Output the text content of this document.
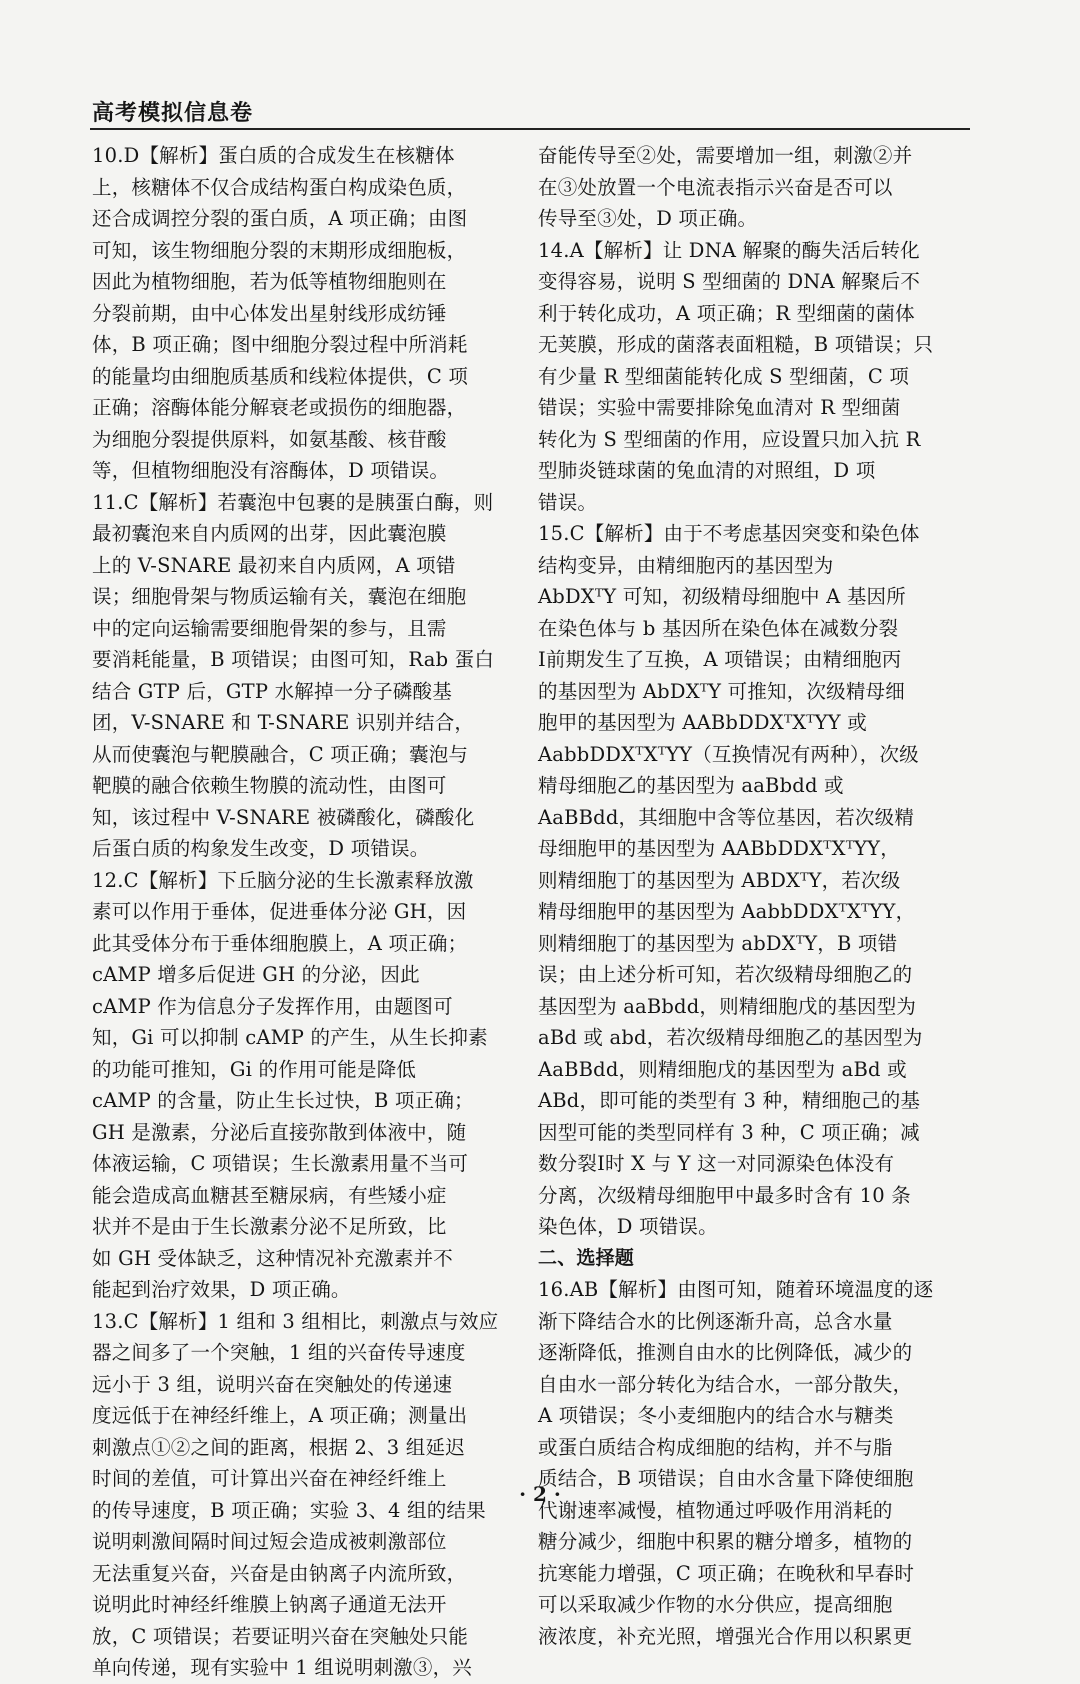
高考模拟信息卷
10.D【解析】蛋白质的合成发生在核糖体
上，核糖体不仅合成结构蛋白构成染色质，
还合成调控分裂的蛋白质，A 项正确；由图
可知，该生物细胞分裂的末期形成细胞板，
因此为植物细胞，若为低等植物细胞则在
分裂前期，由中心体发出星射线形成纺锤
体，B 项正确；图中细胞分裂过程中所消耗
的能量均由细胞质基质和线粒体提供，C 项
正确；溶酶体能分解衰老或损伤的细胞器，
为细胞分裂提供原料，如氨基酸、核苷酸
等，但植物细胞没有溶酶体，D 项错误。
11.C【解析】若囊泡中包裹的是胰蛋白酶，则
最初囊泡来自内质网的出芽，因此囊泡膜
上的 V-SNARE 最初来自内质网，A 项错
误；细胞骨架与物质运输有关，囊泡在细胞
中的定向运输需要细胞骨架的参与，且需
要消耗能量，B 项错误；由图可知，Rab 蛋白
结合 GTP 后，GTP 水解掉一分子磷酸基
团，V-SNARE 和 T-SNARE 识别并结合，
从而使囊泡与靶膜融合，C 项正确；囊泡与
靶膜的融合依赖生物膜的流动性，由图可
知，该过程中 V-SNARE 被磷酸化，磷酸化
后蛋白质的构象发生改变，D 项错误。
12.C【解析】下丘脑分泌的生长激素释放激
素可以作用于垂体，促进垂体分泌 GH，因
此其受体分布于垂体细胞膜上，A 项正确；
cAMP 增多后促进 GH 的分泌，因此
cAMP 作为信息分子发挥作用，由题图可
知，Gi 可以抑制 cAMP 的产生，从生长抑素
的功能可推知，Gi 的作用可能是降低
cAMP 的含量，防止生长过快，B 项正确；
GH 是激素，分泌后直接弥散到体液中，随
体液运输，C 项错误；生长激素用量不当可
能会造成高血糖甚至糖尿病，有些矮小症
状并不是由于生长激素分泌不足所致，比
如 GH 受体缺乏，这种情况补充激素并不
能起到治疗效果，D 项正确。
13.C【解析】1 组和 3 组相比，刺激点与效应
器之间多了一个突触，1 组的兴奋传导速度
远小于 3 组，说明兴奋在突触处的传递速
度远低于在神经纤维上，A 项正确；测量出
刺激点①②之间的距离，根据 2、3 组延迟
时间的差值，可计算出兴奋在神经纤维上
的传导速度，B 项正确；实验 3、4 组的结果
说明刺激间隔时间过短会造成被刺激部位
无法重复兴奋，兴奋是由钠离子内流所致，
说明此时神经纤维膜上钠离子通道无法开
放，C 项错误；若要证明兴奋在突触处只能
单向传递，现有实验中 1 组说明刺激③，兴
奋能传导至②处，需要增加一组，刺激②并
在③处放置一个电流表指示兴奋是否可以
传导至③处，D 项正确。
14.A【解析】让 DNA 解聚的酶失活后转化
变得容易，说明 S 型细菌的 DNA 解聚后不
利于转化成功，A 项正确；R 型细菌的菌体
无荚膜，形成的菌落表面粗糙，B 项错误；只
有少量 R 型细菌能转化成 S 型细菌，C 项
错误；实验中需要排除兔血清对 R 型细菌
转化为 S 型细菌的作用，应设置只加入抗 R
型肺炎链球菌的兔血清的对照组，D 项
错误。
15.C【解析】由于不考虑基因突变和染色体
结构变异，由精细胞丙的基因型为
AbDXᵀY 可知，初级精母细胞中 A 基因所
在染色体与 b 基因所在染色体在减数分裂
Ⅰ前期发生了互换，A 项错误；由精细胞丙
的基因型为 AbDXᵀY 可推知，次级精母细
胞甲的基因型为 AABbDDXᵀXᵀYY 或
AabbDDXᵀXᵀYY（互换情况有两种），次级
精母细胞乙的基因型为 aaBbdd 或
AaBBdd，其细胞中含等位基因，若次级精
母细胞甲的基因型为 AABbDDXᵀXᵀYY，
则精细胞丁的基因型为 ABDXᵀY，若次级
精母细胞甲的基因型为 AabbDDXᵀXᵀYY，
则精细胞丁的基因型为 abDXᵀY，B 项错
误；由上述分析可知，若次级精母细胞乙的
基因型为 aaBbdd，则精细胞戊的基因型为
aBd 或 abd，若次级精母细胞乙的基因型为
AaBBdd，则精细胞戊的基因型为 aBd 或
ABd，即可能的类型有 3 种，精细胞己的基
因型可能的类型同样有 3 种，C 项正确；减
数分裂Ⅰ时 X 与 Y 这一对同源染色体没有
分离，次级精母细胞甲中最多时含有 10 条
染色体，D 项错误。
二、选择题
16.AB【解析】由图可知，随着环境温度的逐
渐下降结合水的比例逐渐升高，总含水量
逐渐降低，推测自由水的比例降低，减少的
自由水一部分转化为结合水，一部分散失，
A 项错误；冬小麦细胞内的结合水与糖类
或蛋白质结合构成细胞的结构，并不与脂
质结合，B 项错误；自由水含量下降使细胞
代谢速率减慢，植物通过呼吸作用消耗的
糖分减少，细胞中积累的糖分增多，植物的
抗寒能力增强，C 项正确；在晚秋和早春时
可以采取减少作物的水分供应，提高细胞
液浓度，补充光照，增强光合作用以积累更
· 2 ·
